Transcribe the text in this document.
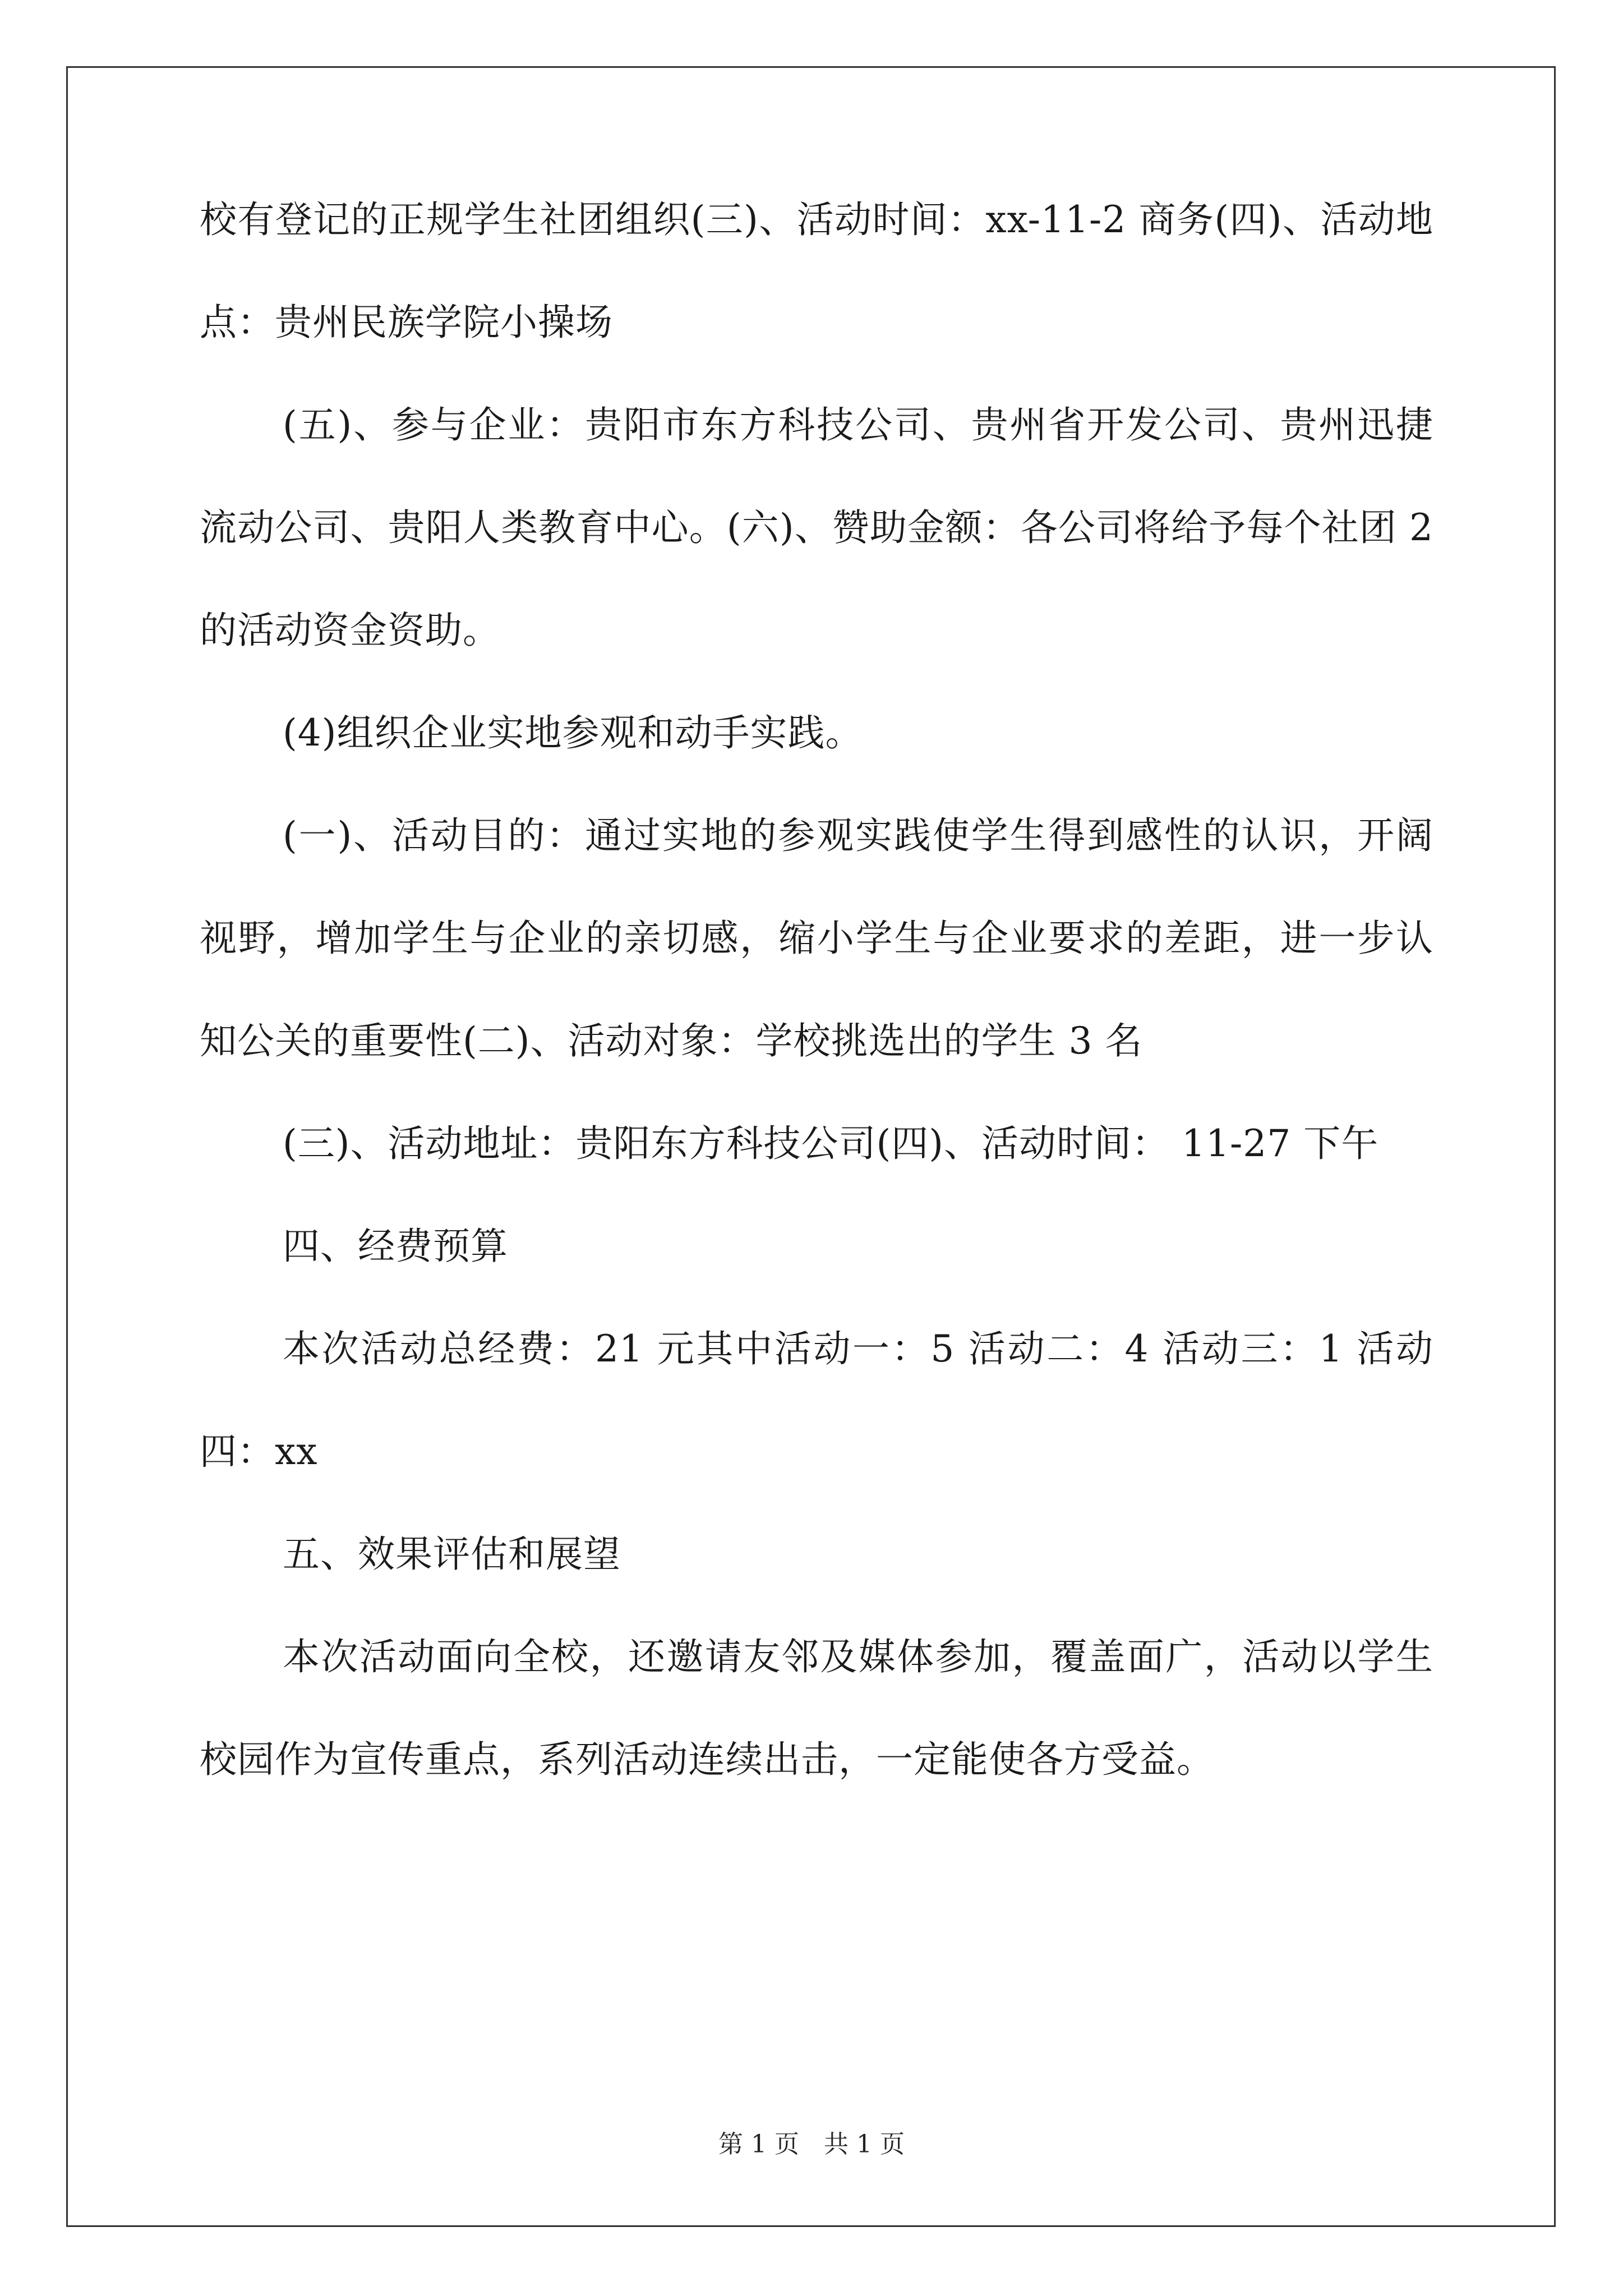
校有登记的正规学生社团组织(三)、活动时间：xx-11-2 商务(四)、活动地点：贵州民族学院小操场

(五)、参与企业：贵阳市东方科技公司、贵州省开发公司、贵州迅捷流动公司、贵阳人类教育中心。(六)、赞助金额：各公司将给予每个社团 2 的活动资金资助。

(4)组织企业实地参观和动手实践。

(一)、活动目的：通过实地的参观实践使学生得到感性的认识，开阔视野，增加学生与企业的亲切感，缩小学生与企业要求的差距，进一步认知公关的重要性(二)、活动对象：学校挑选出的学生 3 名

(三)、活动地址：贵阳东方科技公司(四)、活动时间： 11-27 下午

四、经费预算

本次活动总经费：21 元其中活动一：5 活动二：4 活动三：1 活动四：xx

五、效果评估和展望

本次活动面向全校，还邀请友邻及媒体参加，覆盖面广，活动以学生校园作为宣传重点，系列活动连续出击，一定能使各方受益。

第 1 页　共 1 页
